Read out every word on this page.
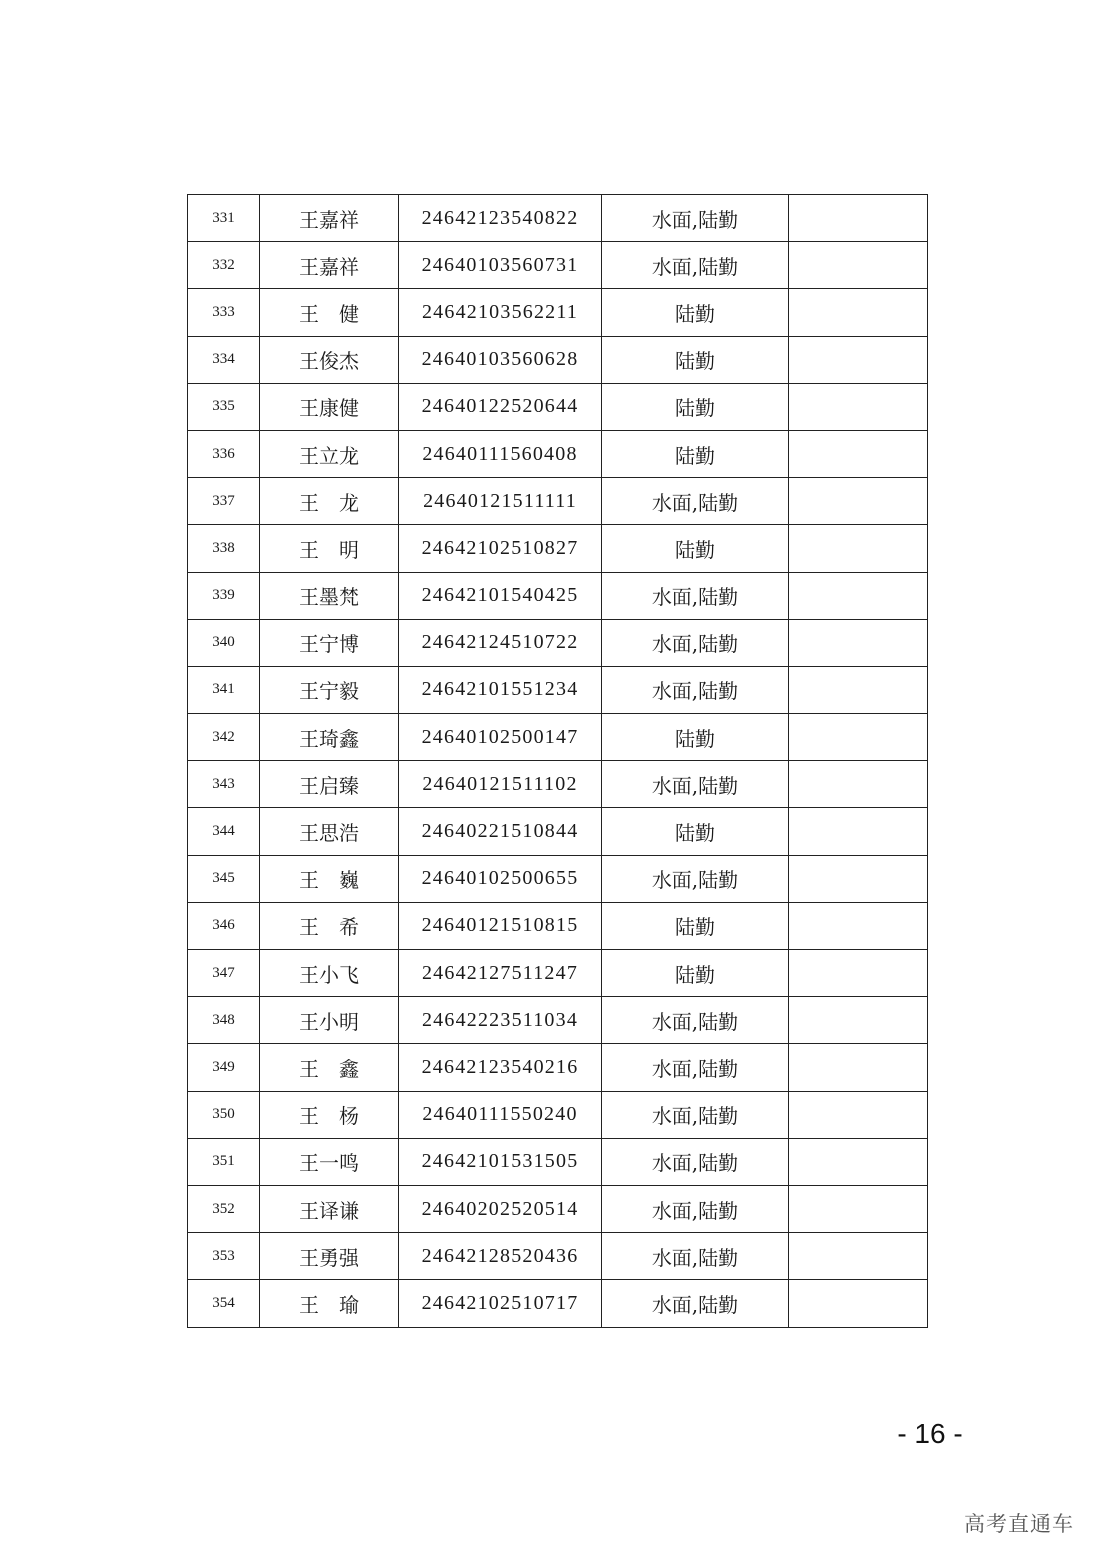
331	王嘉祥	24642123540822	水面,陆勤	
332	王嘉祥	24640103560731	水面,陆勤	
333	王　健	24642103562211	陆勤	
334	王俊杰	24640103560628	陆勤	
335	王康健	24640122520644	陆勤	
336	王立龙	24640111560408	陆勤	
337	王　龙	24640121511111	水面,陆勤	
338	王　明	24642102510827	陆勤	
339	王墨梵	24642101540425	水面,陆勤	
340	王宁博	24642124510722	水面,陆勤	
341	王宁毅	24642101551234	水面,陆勤	
342	王琦鑫	24640102500147	陆勤	
343	王启臻	24640121511102	水面,陆勤	
344	王思浩	24640221510844	陆勤	
345	王　巍	24640102500655	水面,陆勤	
346	王　希	24640121510815	陆勤	
347	王小飞	24642127511247	陆勤	
348	王小明	24642223511034	水面,陆勤	
349	王　鑫	24642123540216	水面,陆勤	
350	王　杨	24640111550240	水面,陆勤	
351	王一鸣	24642101531505	水面,陆勤	
352	王译谦	24640202520514	水面,陆勤	
353	王勇强	24642128520436	水面,陆勤	
354	王　瑜	24642102510717	水面,陆勤	
- 16 -
高考直通车
